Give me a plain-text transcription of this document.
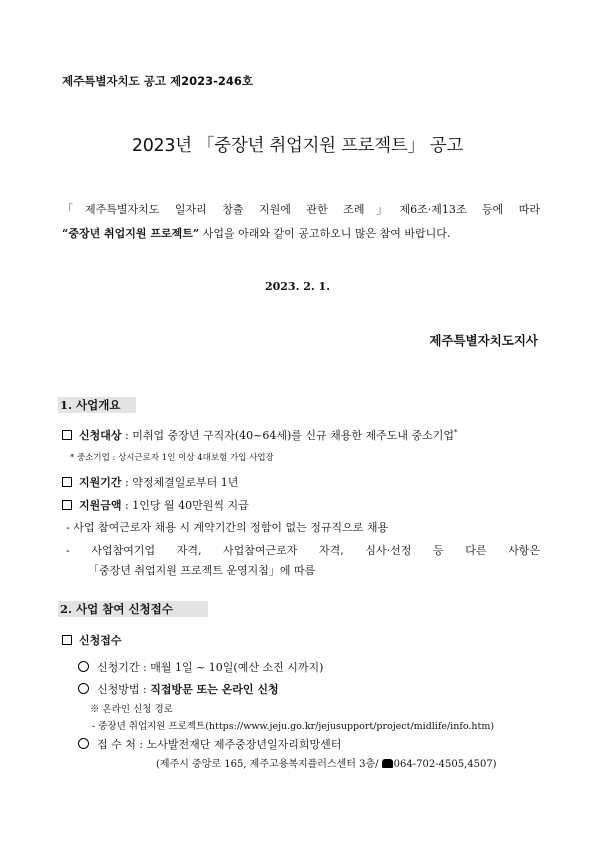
제주특별자치도 공고 제2023-246호
2023년 「중장년 취업지원 프로젝트」 공고
「제주특별자치도 일자리 창출 지원에 관한 조례」제6조·제13조 등에 따라
“중장년 취업지원 프로젝트” 사업을 아래와 같이 공고하오니 많은 참여 바랍니다.
2023. 2. 1.
제주특별자치도지사
1. 사업개요
신청대상 : 미취업 중장년 구직자(40~64세)를 신규 채용한 제주도내 중소기업*
* 중소기업 : 상시근로자 1인 이상 4대보험 가입 사업장
지원기간 : 약정체결일로부터 1년
지원금액 : 1인당 월 40만원씩 지급
- 사업 참여근로자 채용 시 계약기간의 정함이 없는 정규직으로 채용
- 사업참여기업 자격, 사업참여근로자 자격, 심사·선정 등 다른 사항은
「중장년 취업지원 프로젝트 운영지침」에 따름
2. 사업 참여 신청접수
신청접수
신청기간 : 매월 1일 ~ 10일(예산 소진 시까지)
신청방법 : 직접방문 또는 온라인 신청
※ 온라인 신청 경로
- 중장년 취업지원 프로젝트(https://www.jeju.go.kr/jejusupport/project/midlife/info.htm)
접 수 처 : 노사발전재단 제주중장년일자리희망센터
(제주시 중앙로 165, 제주고용복지플러스센터 3층/ 064-702-4505,4507)
